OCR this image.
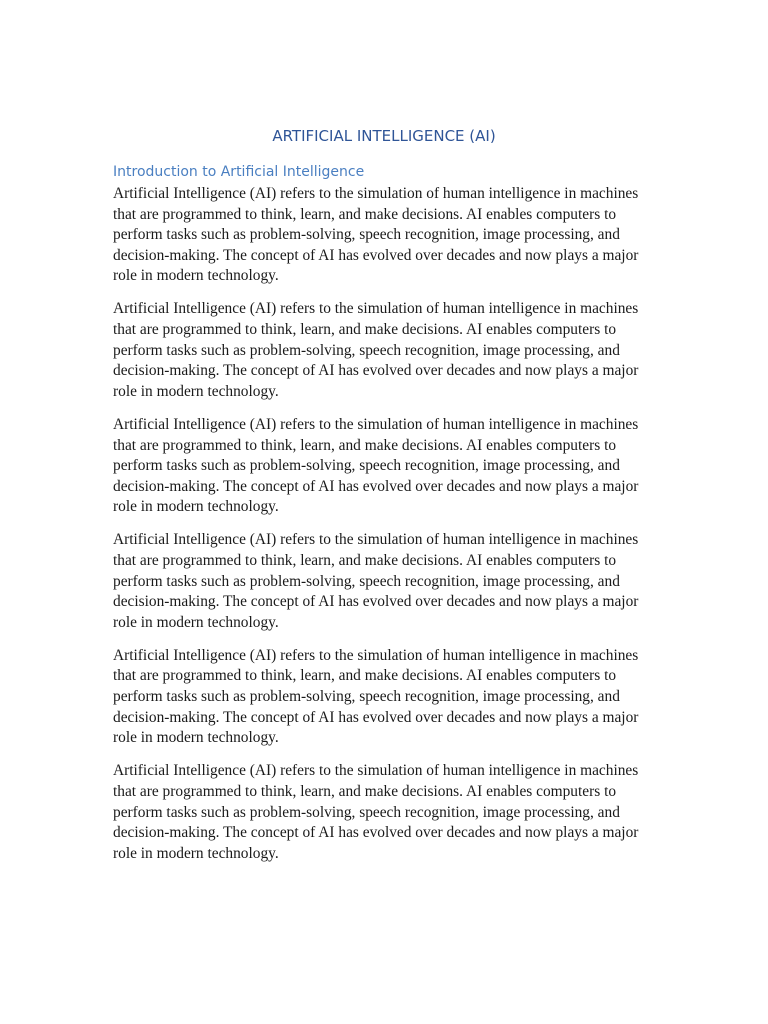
ARTIFICIAL INTELLIGENCE (AI)
Introduction to Artificial Intelligence

Artificial Intelligence (AI) refers to the simulation of human intelligence in machines that are programmed to think, learn, and make decisions. AI enables computers to perform tasks such as problem-solving, speech recognition, image processing, and decision-making. The concept of AI has evolved over decades and now plays a major role in modern technology.

Artificial Intelligence (AI) refers to the simulation of human intelligence in machines that are programmed to think, learn, and make decisions. AI enables computers to perform tasks such as problem-solving, speech recognition, image processing, and decision-making. The concept of AI has evolved over decades and now plays a major role in modern technology.

Artificial Intelligence (AI) refers to the simulation of human intelligence in machines that are programmed to think, learn, and make decisions. AI enables computers to perform tasks such as problem-solving, speech recognition, image processing, and decision-making. The concept of AI has evolved over decades and now plays a major role in modern technology.

Artificial Intelligence (AI) refers to the simulation of human intelligence in machines that are programmed to think, learn, and make decisions. AI enables computers to perform tasks such as problem-solving, speech recognition, image processing, and decision-making. The concept of AI has evolved over decades and now plays a major role in modern technology.

Artificial Intelligence (AI) refers to the simulation of human intelligence in machines that are programmed to think, learn, and make decisions. AI enables computers to perform tasks such as problem-solving, speech recognition, image processing, and decision-making. The concept of AI has evolved over decades and now plays a major role in modern technology.

Artificial Intelligence (AI) refers to the simulation of human intelligence in machines that are programmed to think, learn, and make decisions. AI enables computers to perform tasks such as problem-solving, speech recognition, image processing, and decision-making. The concept of AI has evolved over decades and now plays a major role in modern technology.
